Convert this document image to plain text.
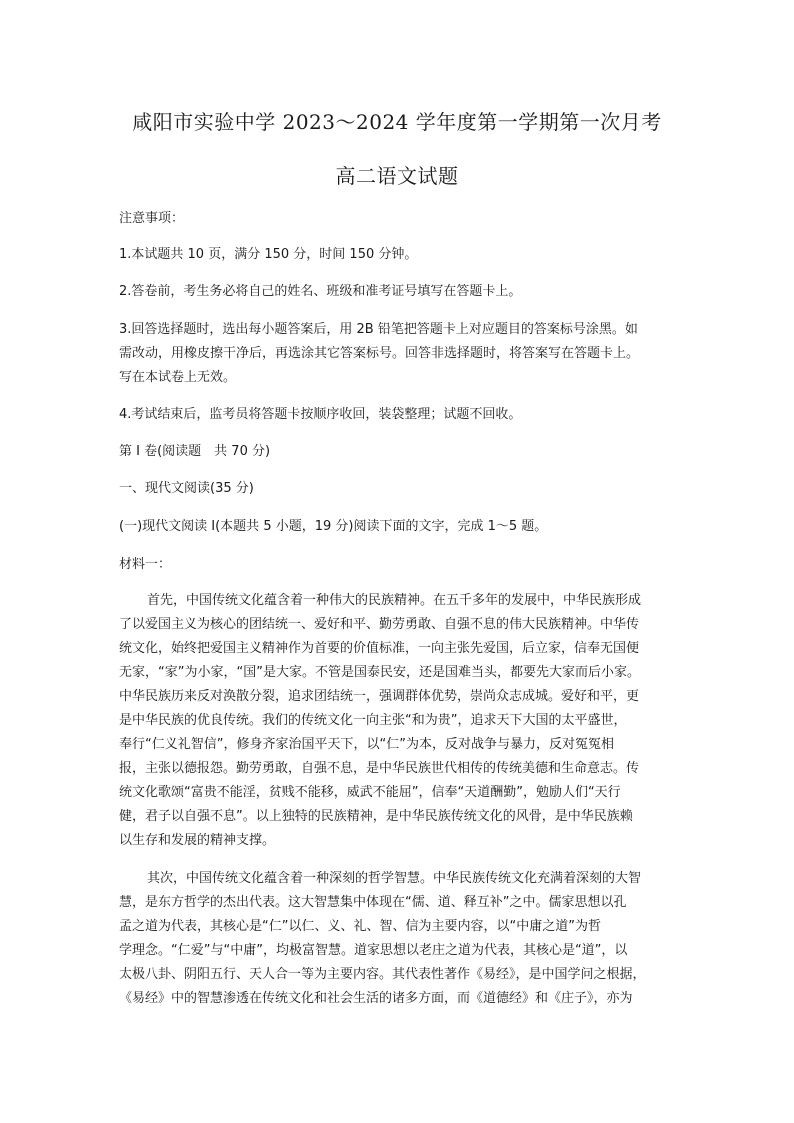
咸阳市实验中学 2023～2024 学年度第一学期第一次月考
高二语文试题
注意事项：
1.本试题共 10 页，满分 150 分，时间 150 分钟。
2.答卷前，考生务必将自己的姓名、班级和准考证号填写在答题卡上。
3.回答选择题时，选出每小题答案后，用 2B 铅笔把答题卡上对应题目的答案标号涂黑。如
需改动，用橡皮擦干净后，再选涂其它答案标号。回答非选择题时，将答案写在答题卡上。
写在本试卷上无效。
4.考试结束后，监考员将答题卡按顺序收回，装袋整理；试题不回收。
第 I 卷(阅读题　共 70 分)
一、现代文阅读(35 分)
(一)现代文阅读 I(本题共 5 小题，19 分)阅读下面的文字，完成 1～5 题。
材料一：
首先，中国传统文化蕴含着一种伟大的民族精神。在五千多年的发展中，中华民族形成
了以爱国主义为核心的团结统一、爱好和平、勤劳勇敢、自强不息的伟大民族精神。中华传
统文化，始终把爱国主义精神作为首要的价值标准，一向主张先爱国，后立家，信奉无国便
无家，“家”为小家，“国”是大家。不管是国泰民安，还是国难当头，都要先大家而后小家。
中华民族历来反对涣散分裂，追求团结统一，强调群体优势，崇尚众志成城。爱好和平，更
是中华民族的优良传统。我们的传统文化一向主张“和为贵”，追求天下大国的太平盛世，
奉行“仁义礼智信”，修身齐家治国平天下，以“仁”为本，反对战争与暴力，反对冤冤相
报，主张以德报怨。勤劳勇敢，自强不息，是中华民族世代相传的传统美德和生命意志。传
统文化歌颂“富贵不能淫，贫贱不能移，威武不能屈”，信奉“天道酬勤”，勉励人们“天行
健，君子以自强不息”。以上独特的民族精神，是中华民族传统文化的风骨，是中华民族赖
以生存和发展的精神支撑。
其次，中国传统文化蕴含着一种深刻的哲学智慧。中华民族传统文化充满着深刻的大智
慧，是东方哲学的杰出代表。这大智慧集中体现在“儒、道、释互补”之中。儒家思想以孔
孟之道为代表，其核心是“仁”以仁、义、礼、智、信为主要内容，以“中庸之道”为哲
学理念。“仁爱”与“中庸”，均极富智慧。道家思想以老庄之道为代表，其核心是“道”，以
太极八卦、阴阳五行、天人合一等为主要内容。其代表性著作《易经》，是中国学问之根据，
《易经》中的智慧渗透在传统文化和社会生活的诸多方面，而《道德经》和《庄子》，亦为
